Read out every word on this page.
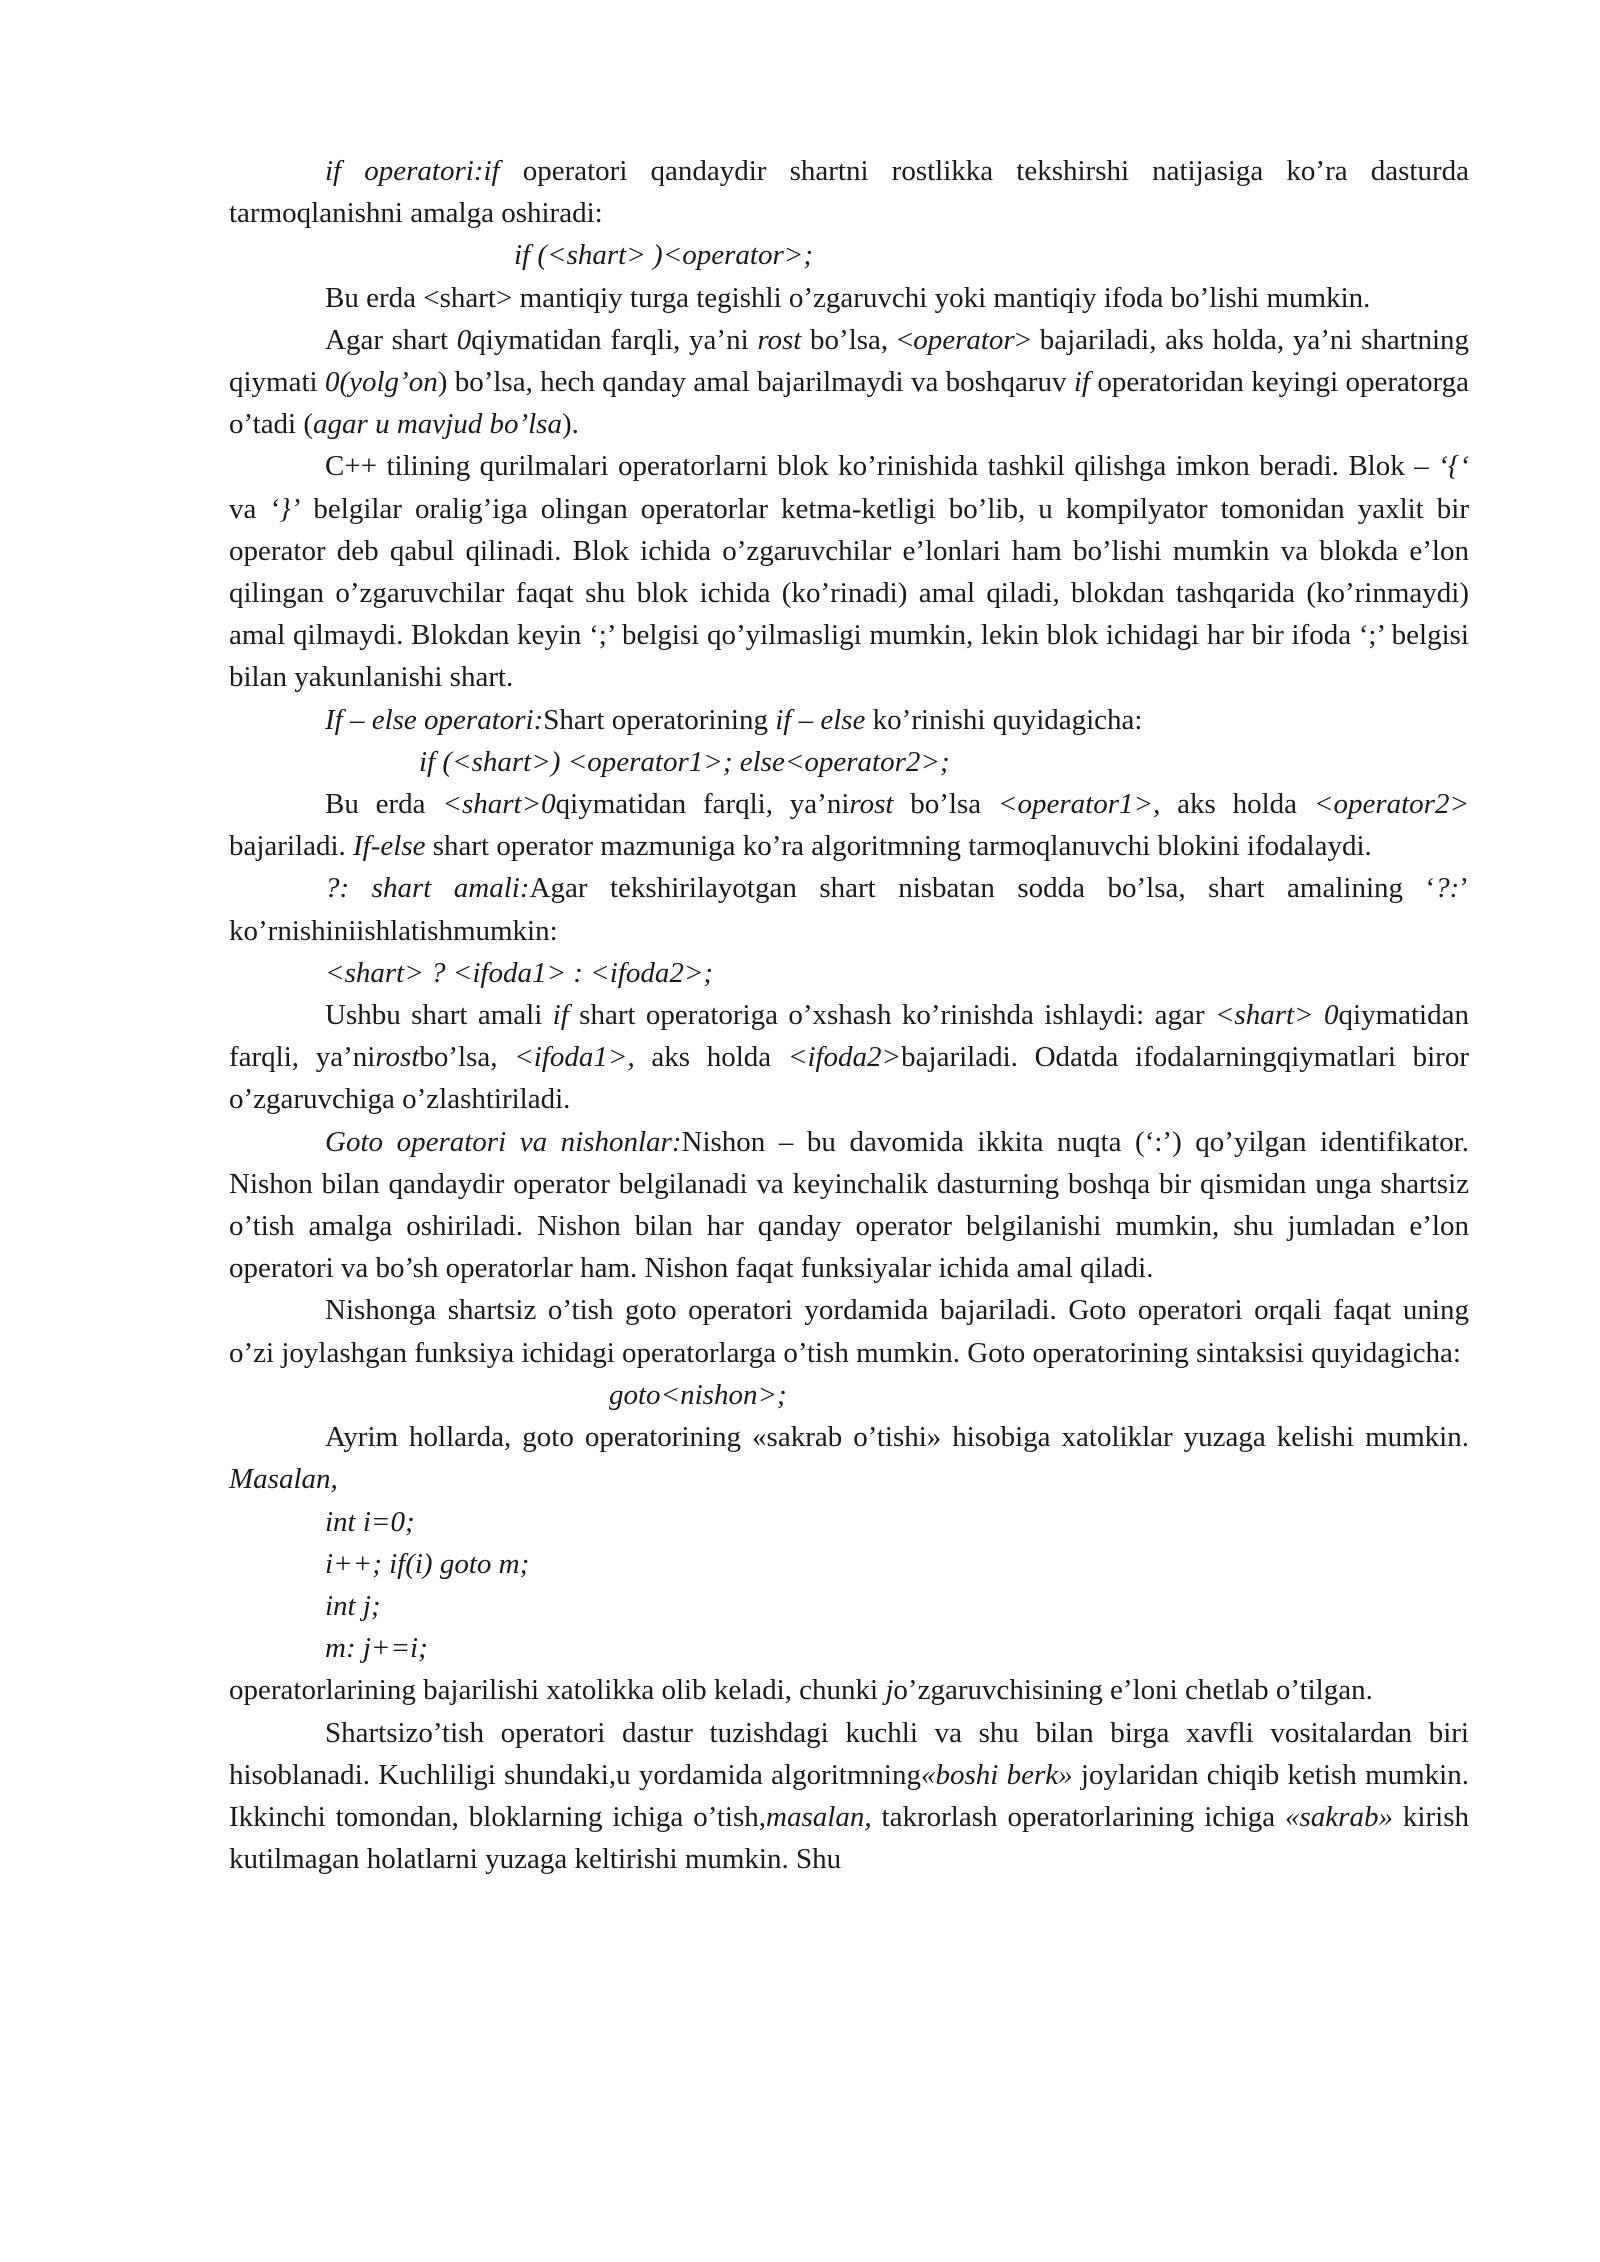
if operatori:if operatori qandaydir shartni rostlikka tekshirshi natijasiga ko’ra dasturda tarmoqlanishni amalga oshiradi:

if (<shart> )<operator>;

Bu erda <shart> mantiqiy turga tegishli o’zgaruvchi yoki mantiqiy ifoda bo’lishi mumkin.

Agar shart 0qiymatidan farqli, ya’ni rost bo’lsa, <operator> bajariladi, aks holda, ya’ni shartning qiymati 0(yolg’on) bo’lsa, hech qanday amal bajarilmaydi va boshqaruv if operatoridan keyingi operatorga o’tadi (agar u mavjud bo’lsa).

C++ tilining qurilmalari operatorlarni blok ko’rinishida tashkil qilishga imkon beradi. Blok – ‘{‘ va ‘}’ belgilar oralig’iga olingan operatorlar ketma-ketligi bo’lib, u kompilyator tomonidan yaxlit bir operator deb qabul qilinadi. Blok ichida o’zgaruvchilar e’lonlari ham bo’lishi mumkin va blokda e’lon qilingan o’zgaruvchilar faqat shu blok ichida (ko’rinadi) amal qiladi, blokdan tashqarida (ko’rinmaydi) amal qilmaydi. Blokdan keyin ‘;’ belgisi qo’yilmasligi mumkin, lekin blok ichidagi har bir ifoda ‘;’ belgisi bilan yakunlanishi shart.

If – else operatori:Shart operatorining if – else ko’rinishi quyidagicha:

if (<shart>) <operator1>; else<operator2>;

Bu erda <shart>0qiymatidan farqli, ya’nirost bo’lsa <operator1>, aks holda <operator2> bajariladi. If-else shart operator mazmuniga ko’ra algoritmning tarmoqlanuvchi blokini ifodalaydi.

?: shart amali:Agar tekshirilayotgan shart nisbatan sodda bo’lsa, shart amalining ‘?:’ ko’rnishiniishlatishmumkin:

<shart> ? <ifoda1> : <ifoda2>;

Ushbu shart amali if shart operatoriga o’xshash ko’rinishda ishlaydi: agar <shart> 0qiymatidan farqli, ya’nirostbo’lsa, <ifoda1>, aks holda <ifoda2>bajariladi. Odatda ifodalarningqiymatlari biror o’zgaruvchiga o’zlashtiriladi.

Goto operatori va nishonlar:Nishon – bu davomida ikkita nuqta (‘:’) qo’yilgan identifikator. Nishon bilan qandaydir operator belgilanadi va keyinchalik dasturning boshqa bir qismidan unga shartsiz o’tish amalga oshiriladi. Nishon bilan har qanday operator belgilanishi mumkin, shu jumladan e’lon operatori va bo’sh operatorlar ham. Nishon faqat funksiyalar ichida amal qiladi.

Nishonga shartsiz o’tish goto operatori yordamida bajariladi. Goto operatori orqali faqat uning o’zi joylashgan funksiya ichidagi operatorlarga o’tish mumkin. Goto operatorining sintaksisi quyidagicha:

goto<nishon>;

Ayrim hollarda, goto operatorining «sakrab o’tishi» hisobiga xatoliklar yuzaga kelishi mumkin. Masalan,

int i=0;

i++; if(i) goto m;

int j;

m: j+=i;

operatorlarining bajarilishi xatolikka olib keladi, chunki jo’zgaruvchisining e’loni chetlab o’tilgan.

Shartsizo’tish operatori dastur tuzishdagi kuchli va shu bilan birga xavfli vositalardan biri hisoblanadi. Kuchliligi shundaki,u yordamida algoritmning«boshi berk» joylaridan chiqib ketish mumkin. Ikkinchi tomondan, bloklarning ichiga o’tish,masalan, takrorlash operatorlarining ichiga «sakrab» kirish kutilmagan holatlarni yuzaga keltirishi mumkin. Shu
